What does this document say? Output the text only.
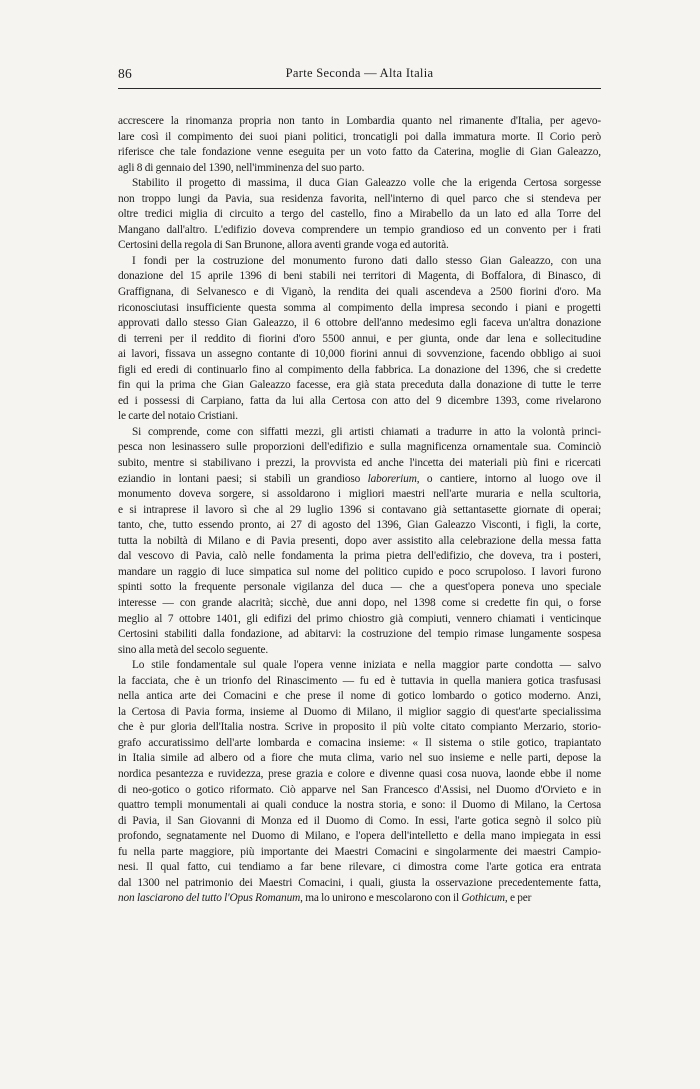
86	Parte Seconda — Alta Italia

accrescere la rinomanza propria non tanto in Lombardia quanto nel rimanente d'Italia, per agevo-
lare così il compimento dei suoi piani politici, troncatigli poi dalla immatura morte. Il Corio però
riferisce che tale fondazione venne eseguita per un voto fatto da Caterina, moglie di Gian Galeazzo,
agli 8 di gennaio del 1390, nell'imminenza del suo parto.

Stabilito il progetto di massima, il duca Gian Galeazzo volle che la erigenda Certosa sorgesse
non troppo lungi da Pavia, sua residenza favorita, nell'interno di quel parco che si stendeva per
oltre tredici miglia di circuito a tergo del castello, fino a Mirabello da un lato ed alla Torre del
Mangano dall'altro. L'edifizio doveva comprendere un tempio grandioso ed un convento per i frati
Certosini della regola di San Brunone, allora aventi grande voga ed autorità.

I fondi per la costruzione del monumento furono dati dallo stesso Gian Galeazzo, con una
donazione del 15 aprile 1396 di beni stabili nei territori di Magenta, di Boffalora, di Binasco, di
Graffignana, di Selvanesco e di Viganò, la rendita dei quali ascendeva a 2500 fiorini d'oro. Ma
riconosciutasi insufficiente questa somma al compimento della impresa secondo i piani e progetti
approvati dallo stesso Gian Galeazzo, il 6 ottobre dell'anno medesimo egli faceva un'altra donazione
di terreni per il reddito di fiorini d'oro 5500 annui, e per giunta, onde dar lena e sollecitudine
ai lavori, fissava un assegno contante di 10,000 fiorini annui di sovvenzione, facendo obbligo ai suoi
figli ed eredi di continuarlo fino al compimento della fabbrica. La donazione del 1396, che si credette
fin qui la prima che Gian Galeazzo facesse, era già stata preceduta dalla donazione di tutte le terre
ed i possessi di Carpiano, fatta da lui alla Certosa con atto del 9 dicembre 1393, come rivelarono
le carte del notaio Cristiani.

Si comprende, come con siffatti mezzi, gli artisti chiamati a tradurre in atto la volontà princi-
pesca non lesinassero sulle proporzioni dell'edifizio e sulla magnificenza ornamentale sua. Cominciò
subito, mentre si stabilivano i prezzi, la provvista ed anche l'incetta dei materiali più fini e ricercati
eziandio in lontani paesi; si stabilì un grandioso laborerium, o cantiere, intorno al luogo ove il
monumento doveva sorgere, si assoldarono i migliori maestri nell'arte muraria e nella scultoria,
e si intraprese il lavoro sì che al 29 luglio 1396 si contavano già settantasette giornate di operai;
tanto, che, tutto essendo pronto, ai 27 di agosto del 1396, Gian Galeazzo Visconti, i figli, la corte,
tutta la nobiltà di Milano e di Pavia presenti, dopo aver assistito alla celebrazione della messa fatta
dal vescovo di Pavia, calò nelle fondamenta la prima pietra dell'edifizio, che doveva, tra i posteri,
mandare un raggio di luce simpatica sul nome del politico cupido e poco scrupoloso. I lavori furono
spinti sotto la frequente personale vigilanza del duca — che a quest'opera poneva uno speciale
interesse — con grande alacrità; sicchè, due anni dopo, nel 1398 come si credette fin qui, o forse
meglio al 7 ottobre 1401, gli edifizi del primo chiostro già compiuti, vennero chiamati i venticinque
Certosini stabiliti dalla fondazione, ad abitarvi: la costruzione del tempio rimase lungamente sospesa
sino alla metà del secolo seguente.

Lo stile fondamentale sul quale l'opera venne iniziata e nella maggior parte condotta — salvo
la facciata, che è un trionfo del Rinascimento — fu ed è tuttavia in quella maniera gotica trasfusasi
nella antica arte dei Comacini e che prese il nome di gotico lombardo o gotico moderno. Anzi,
la Certosa di Pavia forma, insieme al Duomo di Milano, il miglior saggio di quest'arte specialissima
che è pur gloria dell'Italia nostra. Scrive in proposito il più volte citato compianto Merzario, storio-
grafo accuratissimo dell'arte lombarda e comacina insieme: « Il sistema o stile gotico, trapiantato
in Italia simile ad albero od a fiore che muta clima, vario nel suo insieme e nelle parti, depose la
nordica pesantezza e ruvidezza, prese grazia e colore e divenne quasi cosa nuova, laonde ebbe il nome
di neo-gotico o gotico riformato. Ciò apparve nel San Francesco d'Assisi, nel Duomo d'Orvieto e in
quattro templi monumentali ai quali conduce la nostra storia, e sono: il Duomo di Milano, la Certosa
di Pavia, il San Giovanni di Monza ed il Duomo di Como. In essi, l'arte gotica segnò il solco più
profondo, segnatamente nel Duomo di Milano, e l'opera dell'intelletto e della mano impiegata in essi
fu nella parte maggiore, più importante dei Maestri Comacini e singolarmente dei maestri Campio-
nesi. Il qual fatto, cui tendiamo a far bene rilevare, ci dimostra come l'arte gotica era entrata
dal 1300 nel patrimonio dei Maestri Comacini, i quali, giusta la osservazione precedentemente fatta,
non lasciarono del tutto l'Opus Romanum, ma lo unirono e mescolarono con il Gothicum, e per
